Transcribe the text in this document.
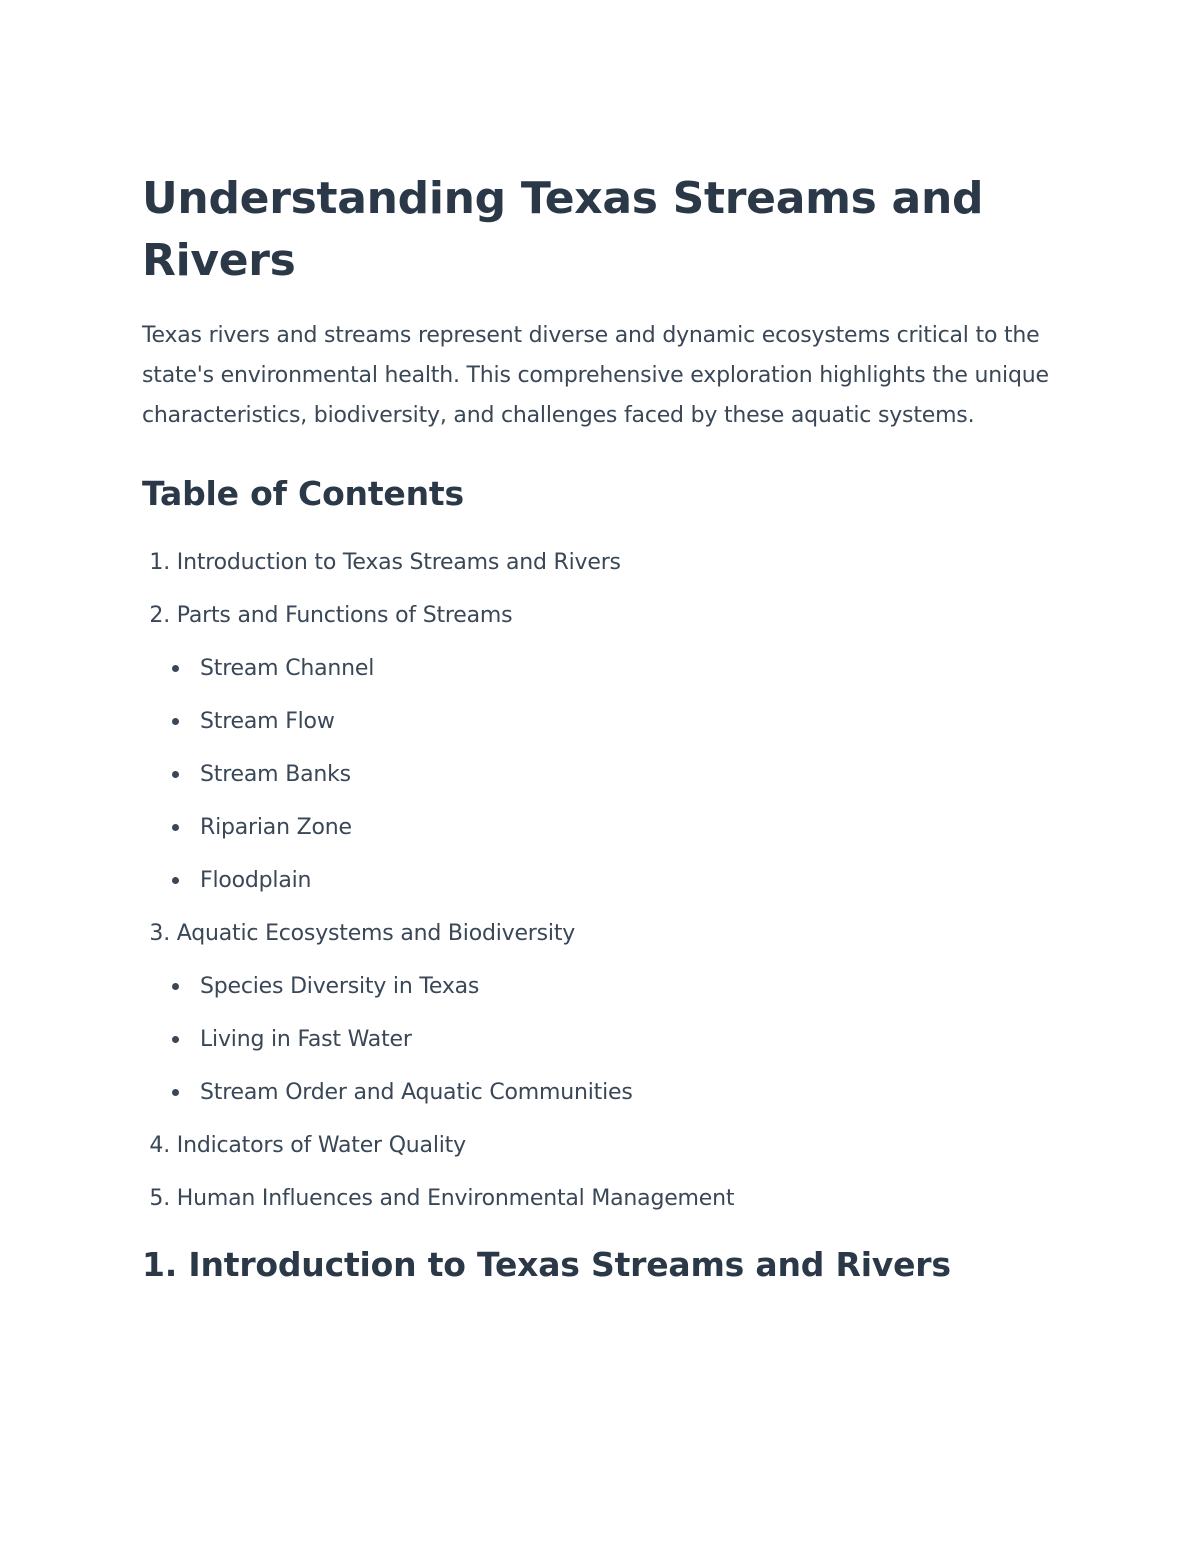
Understanding Texas Streams and Rivers

Texas rivers and streams represent diverse and dynamic ecosystems critical to the state's environmental health. This comprehensive exploration highlights the unique characteristics, biodiversity, and challenges faced by these aquatic systems.

Table of Contents
1. Introduction to Texas Streams and Rivers
2. Parts and Functions of Streams
Stream Channel
Stream Flow
Stream Banks
Riparian Zone
Floodplain
3. Aquatic Ecosystems and Biodiversity
Species Diversity in Texas
Living in Fast Water
Stream Order and Aquatic Communities
4. Indicators of Water Quality
5. Human Influences and Environmental Management
1. Introduction to Texas Streams and Rivers
